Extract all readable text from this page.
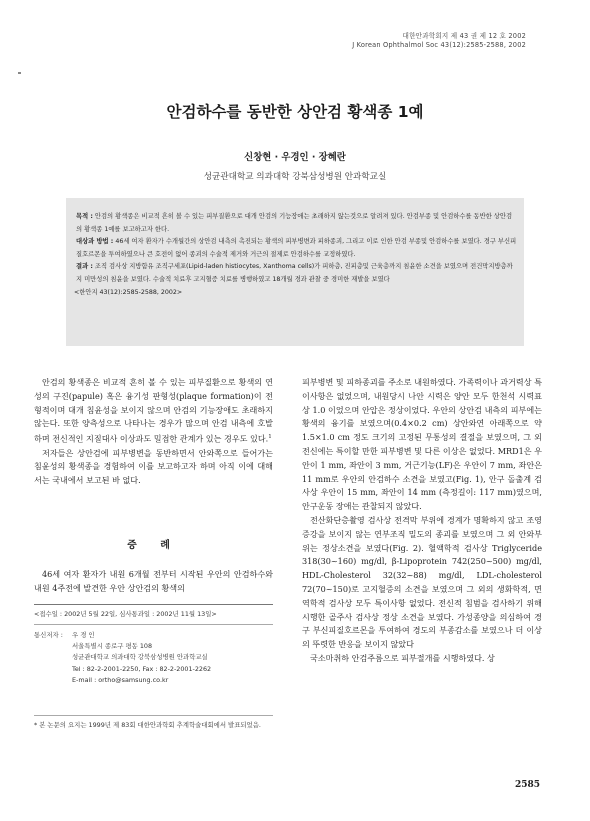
대한안과학회지 제 43 권 제 12 호 2002
J Korean Ophthalmol Soc 43(12):2585-2588, 2002
안검하수를 동반한 상안검 황색종 1예
신창현 · 우경인 · 장혜란
성균관대학교 의과대학 강북삼성병원 안과학교실

목적 : 안검의 황색종은 비교적 흔히 볼 수 있는 피부질환으로 대개 안검의 기능장애는 초래하지 않는것으로 알려져 있다. 안검부종 및 안검하수를 동반한 상안검의 황색종 1예를 보고하고자 한다.

대상과 방법 : 46세 여자 환자가 수개월간의 상안검 내측의 촉진되는 황색의 피부병변과 피하종괴, 그리고 이로 인한 안검 부종및 안검하수를 보였다. 경구 부신피질호르몬을 투여하였으나 큰 호전이 없어 종괴의 수술적 제거와 거근의 절제로 안검하수를 교정하였다.

결과 : 조직 검사상 지방함유 조직구세포(Lipid-laden histiocytes, Xanthoma cells)가 피하층, 진피층및 근육층까지 침윤한 소견을 보였으며 전건막지방층까지 미만성의 침윤을 보였다. 수술적 치료후 고지혈증 치료를 병행하였고 18개월 경과 관찰 중 경미한 재발을 보였다

<한안지 43(12):2585-2588, 2002>

안검의 황색종은 비교적 흔히 볼 수 있는 피부질환으로 황색의 연성의 구진(papule) 혹은 융기성 판형성(plaque formation)이 전형적이며 대개 침윤성을 보이지 않으며 안검의 기능장애도 초래하지 않는다. 또한 양측성으로 나타나는 경우가 많으며 안검 내측에 호발하며 전신적인 지질대사 이상과도 밀접한 관계가 있는 경우도 있다.$^1$

저자들은 상안검에 피부병변을 동반하면서 안와쪽으로 들어가는 침윤성의 황색종을 경험하여 이를 보고하고자 하며 아직 이에 대해서는 국내에서 보고된 바 없다.

증 례

46세 여자 환자가 내원 6개월 전부터 시작된 우안의 안검하수와 내원 4주전에 발견한 우안 상안검의 황색의

<접수일 : 2002년 5월 22일, 심사통과일 : 2002년 11월 13일>
통신저자 :	우 경 인
서울특별시 종로구 평동 108
성균관대학교 의과대학 강북삼성병원 안과학교실
Tel : 82-2-2001-2250, Fax : 82-2-2001-2262
E-mail : ortho@samsung.co.kr
* 본 논문의 요지는 1999년 제 83회 대한안과학회 추계학술대회에서 발표되었음.

피부병변 및 피하종괴를 주소로 내원하였다. 가족력이나 과거력상 특이사항은 없었으며, 내원당시 나안 시력은 양안 모두 한천석 시력표상 1.0 이었으며 안압은 정상이었다. 우안의 상안검 내측의 피부에는 황색의 융기를 보였으며(0.4×0.2 cm) 상안와연 아래쪽으로 약 1.5×1.0 cm 정도 크기의 고정된 무통성의 결절을 보였으며, 그 외 전신에는 특이할 만한 피부병변 및 다른 이상은 없었다. MRD1은 우안이 1 mm, 좌안이 3 mm, 거근기능(LF)은 우안이 7 mm, 좌안은 11 mm로 우안의 안검하수 소견을 보였고(Fig. 1), 안구 돌출계 검사상 우안이 15 mm, 좌안이 14 mm (측정길이: 117 mm)였으며, 안구운동 장애는 관찰되지 않았다.

전산화단층촬영 검사상 전격막 부위에 경계가 명확하지 않고 조영증강을 보이지 않는 연부조직 밀도의 종괴를 보였으며 그 외 안와부위는 정상소견을 보였다(Fig. 2). 혈액학적 검사상 Triglyceride 318(30~160) mg/dl, β-Lipoprotein 742(250~500) mg/dl, HDL-Cholesterol 32(32~88) mg/dl, LDL-cholesterol 72(70~150)로 고지혈증의 소견을 보였으며 그 외의 생화학적, 면역학적 검사상 모두 특이사항 없었다. 전신적 침범을 검사하기 위해 시행한 골주사 검사상 정상 소견을 보였다. 가성종양을 의심하여 경구 부신피질호르몬을 투여하여 경도의 부종감소를 보였으나 더 이상의 뚜렷한 반응을 보이지 않았다

국소마취하 안검주름으로 피부절개를 시행하였다. 상

2585
